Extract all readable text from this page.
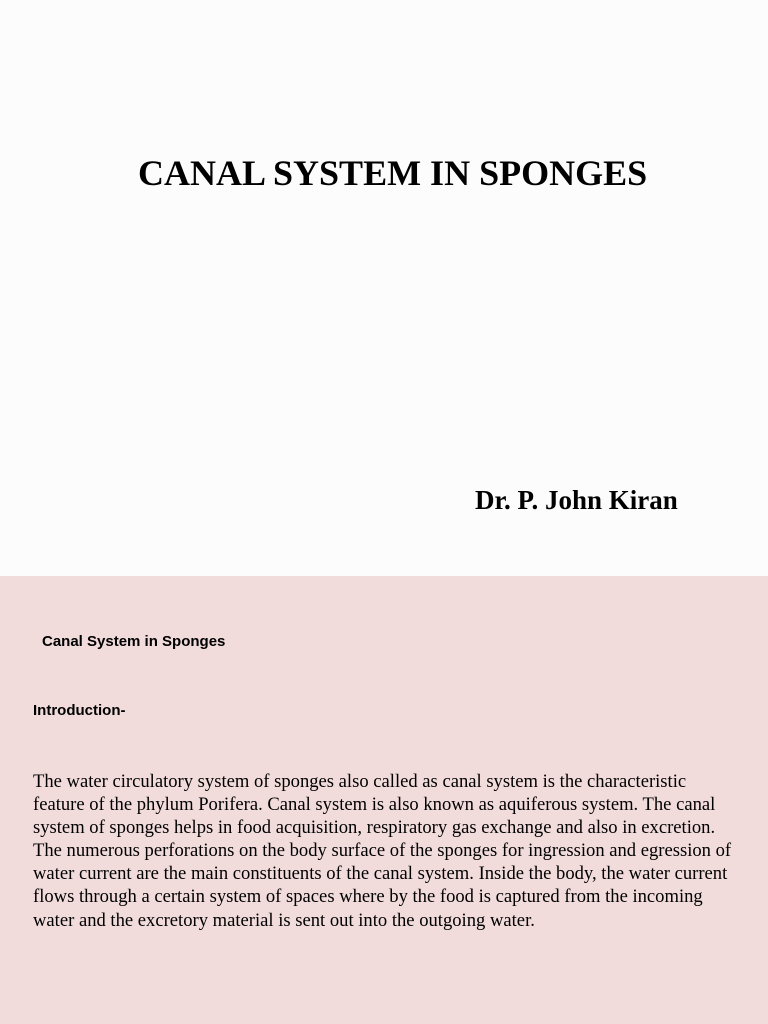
CANAL SYSTEM IN SPONGES

Dr. P. John Kiran

Canal System in Sponges
Introduction-

The water circulatory system of sponges also called as canal system is the characteristic feature of the phylum Porifera. Canal system is also known as aquiferous system. The canal system of sponges helps in food acquisition, respiratory gas exchange and also in excretion.

The numerous perforations on the body surface of the sponges for ingression and egression of water current are the main constituents of the canal system. Inside the body, the water current flows through a certain system of spaces where by the food is captured from the incoming water and the excretory material is sent out into the outgoing water.
